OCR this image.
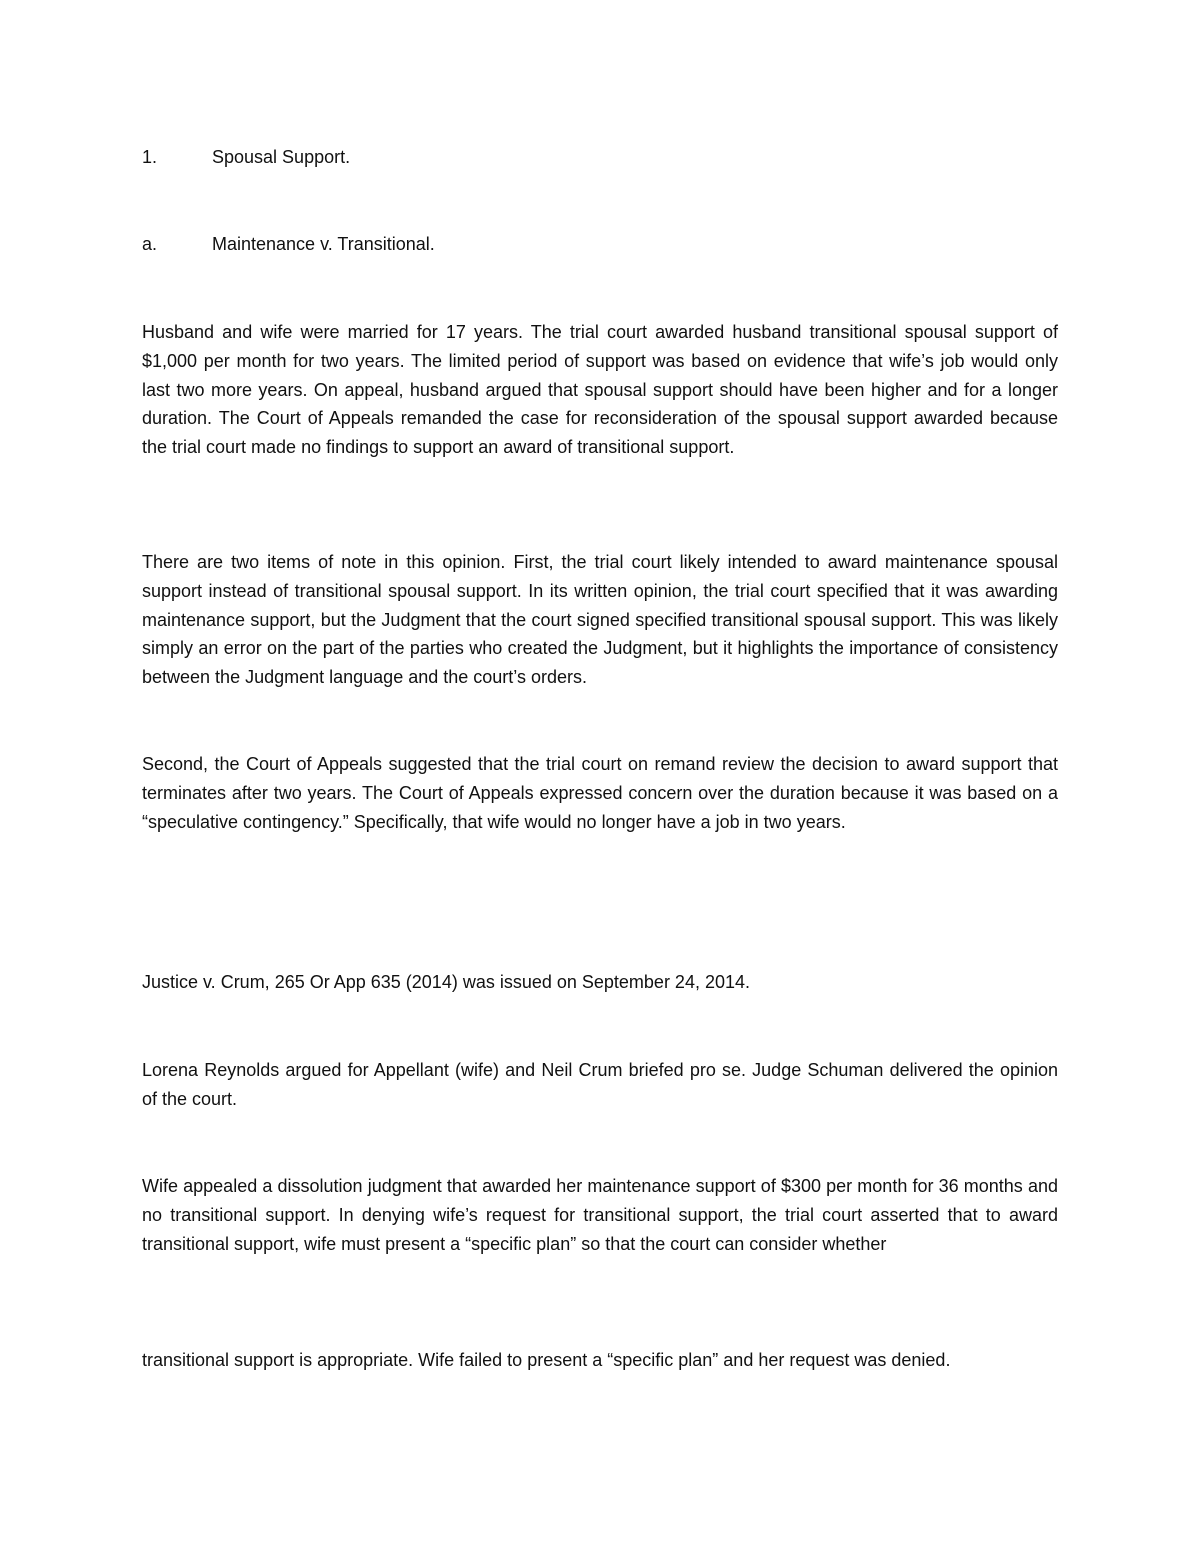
1.	Spousal Support.
a.	Maintenance v. Transitional.

Husband and wife were married for 17 years. The trial court awarded husband transitional spousal support of $1,000 per month for two years. The limited period of support was based on evidence that wife’s job would only last two more years. On appeal, husband argued that spousal support should have been higher and for a longer duration. The Court of Appeals remanded the case for reconsideration of the spousal support awarded because the trial court made no findings to support an award of transitional support.

There are two items of note in this opinion. First, the trial court likely intended to award maintenance spousal support instead of transitional spousal support. In its written opinion, the trial court specified that it was awarding maintenance support, but the Judgment that the court signed specified transitional spousal support. This was likely simply an error on the part of the parties who created the Judgment, but it highlights the importance of consistency between the Judgment language and the court’s orders.

Second, the Court of Appeals suggested that the trial court on remand review the decision to award support that terminates after two years. The Court of Appeals expressed concern over the duration because it was based on a “speculative contingency.” Specifically, that wife would no longer have a job in two years.

Justice v. Crum, 265 Or App 635 (2014) was issued on September 24, 2014.

Lorena Reynolds argued for Appellant (wife) and Neil Crum briefed pro se. Judge Schuman delivered the opinion of the court.

Wife appealed a dissolution judgment that awarded her maintenance support of $300 per month for 36 months and no transitional support. In denying wife’s request for transitional support, the trial court asserted that to award transitional support, wife must present a “specific plan” so that the court can consider whether

transitional support is appropriate. Wife failed to present a “specific plan” and her request was denied.
